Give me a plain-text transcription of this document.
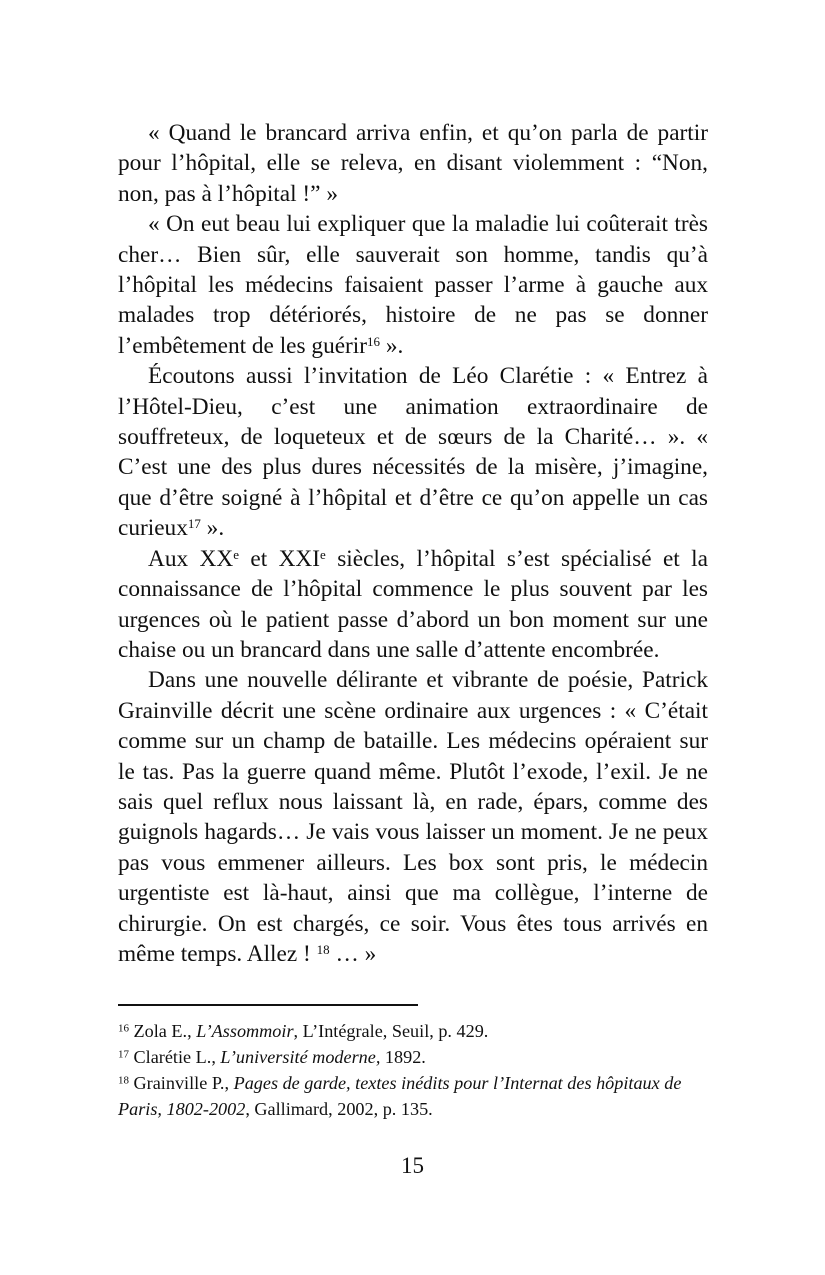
« Quand le brancard arriva enfin, et qu’on parla de partir pour l’hôpital, elle se releva, en disant violemment : “Non, non, pas à l’hôpital !” »

« On eut beau lui expliquer que la maladie lui coûterait très cher… Bien sûr, elle sauverait son homme, tandis qu’à l’hôpital les médecins faisaient passer l’arme à gauche aux malades trop détériorés, histoire de ne pas se donner l’embêtement de les guérir$^{16}$ ».

Écoutons aussi l’invitation de Léo Clarétie : « Entrez à l’Hôtel-Dieu, c’est une animation extraordinaire de souffreteux, de loqueteux et de sœurs de la Charité… ». « C’est une des plus dures nécessités de la misère, j’imagine, que d’être soigné à l’hôpital et d’être ce qu’on appelle un cas curieux$^{17}$ ».

Aux XXe et XXIe siècles, l’hôpital s’est spécialisé et la connaissance de l’hôpital commence le plus souvent par les urgences où le patient passe d’abord un bon moment sur une chaise ou un brancard dans une salle d’attente encombrée.

Dans une nouvelle délirante et vibrante de poésie, Patrick Grainville décrit une scène ordinaire aux urgences : « C’était comme sur un champ de bataille. Les médecins opéraient sur le tas. Pas la guerre quand même. Plutôt l’exode, l’exil. Je ne sais quel reflux nous laissant là, en rade, épars, comme des guignols hagards… Je vais vous laisser un moment. Je ne peux pas vous emmener ailleurs. Les box sont pris, le médecin urgentiste est là-haut, ainsi que ma collègue, l’interne de chirurgie. On est chargés, ce soir. Vous êtes tous arrivés en même temps. Allez ! $^{18}$ … »

$^{16}$ Zola E., L’Assommoir, L’Intégrale, Seuil, p. 429.

$^{17}$ Clarétie L., L’université moderne, 1892.

$^{18}$ Grainville P., Pages de garde, textes inédits pour l’Internat des hôpitaux de Paris, 1802-2002, Gallimard, 2002, p. 135.

15
